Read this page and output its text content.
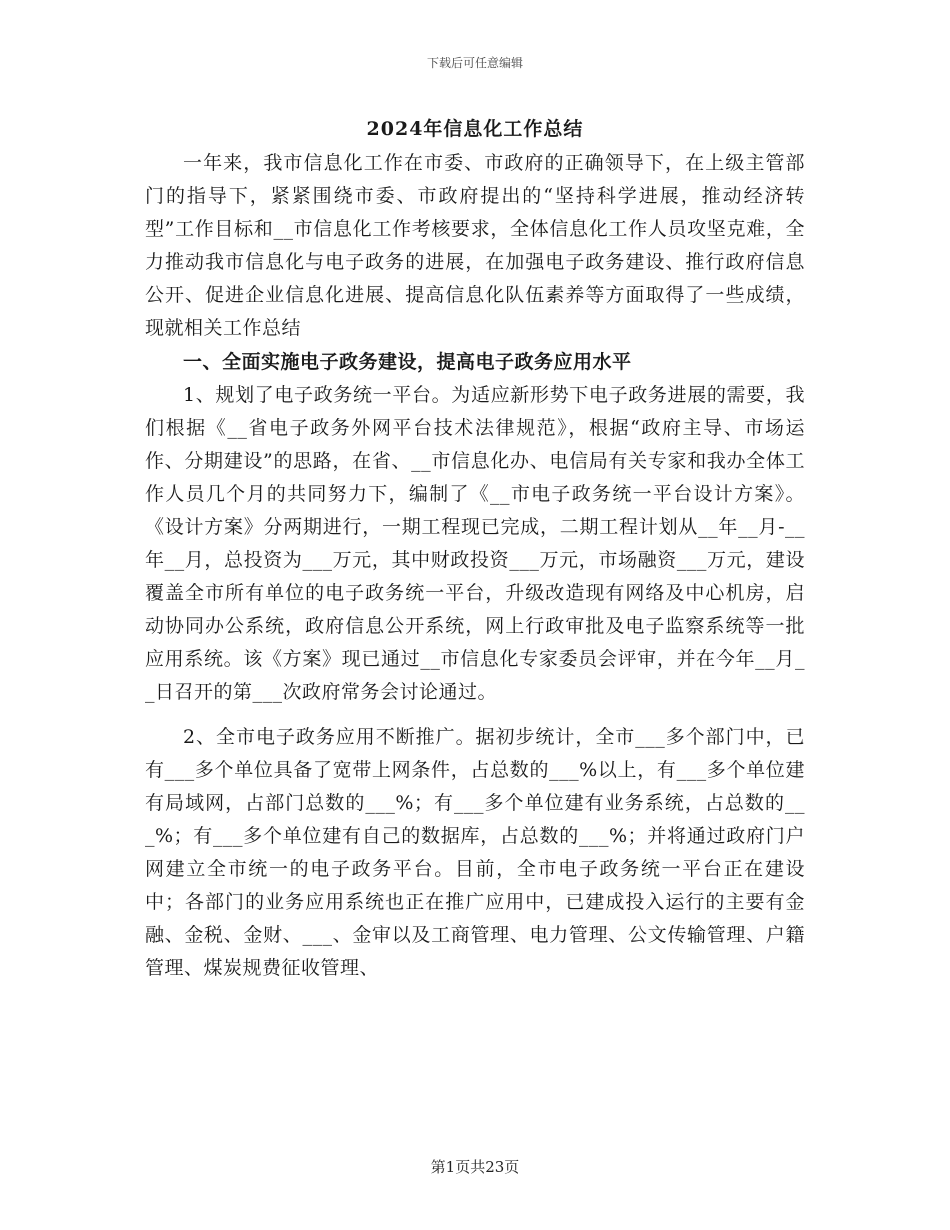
下载后可任意编辑
2024年信息化工作总结

一年来，我市信息化工作在市委、市政府的正确领导下，在上级主管部门的指导下，紧紧围绕市委、市政府提出的“坚持科学进展，推动经济转型”工作目标和__市信息化工作考核要求，全体信息化工作人员攻坚克难，全力推动我市信息化与电子政务的进展，在加强电子政务建设、推行政府信息公开、促进企业信息化进展、提高信息化队伍素养等方面取得了一些成绩，现就相关工作总结

一、全面实施电子政务建设，提高电子政务应用水平

1、规划了电子政务统一平台。为适应新形势下电子政务进展的需要，我们根据《__省电子政务外网平台技术法律规范》，根据“政府主导、市场运作、分期建设”的思路，在省、__市信息化办、电信局有关专家和我办全体工作人员几个月的共同努力下，编制了《__市电子政务统一平台设计方案》。《设计方案》分两期进行，一期工程现已完成，二期工程计划从__年__月-__年__月，总投资为___万元，其中财政投资___万元，市场融资___万元，建设覆盖全市所有单位的电子政务统一平台，升级改造现有网络及中心机房，启动协同办公系统，政府信息公开系统，网上行政审批及电子监察系统等一批应用系统。该《方案》现已通过__市信息化专家委员会评审，并在今年__月__日召开的第___次政府常务会讨论通过。

2、全市电子政务应用不断推广。据初步统计，全市___多个部门中，已有___多个单位具备了宽带上网条件，占总数的___%以上，有___多个单位建有局域网，占部门总数的___%；有___多个单位建有业务系统，占总数的___%；有___多个单位建有自己的数据库，占总数的___%；并将通过政府门户网建立全市统一的电子政务平台。目前，全市电子政务统一平台正在建设中；各部门的业务应用系统也正在推广应用中，已建成投入运行的主要有金融、金税、金财、___、金审以及工商管理、电力管理、公文传输管理、户籍管理、煤炭规费征收管理、

第1页共23页
